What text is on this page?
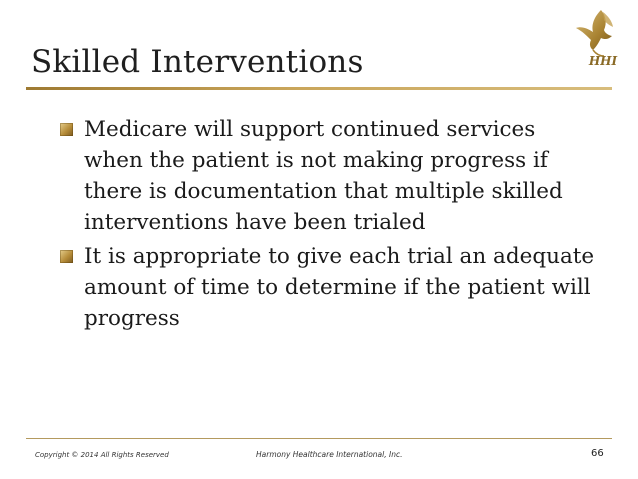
HHI
Skilled Interventions
Medicare will support continued services when the patient is not making progress if there is documentation that multiple skilled interventions have been trialed
It is appropriate to give each trial an adequate amount of time to determine if the patient will progress
Copyright © 2014 All Rights Reserved	Harmony Healthcare International, Inc.	66
